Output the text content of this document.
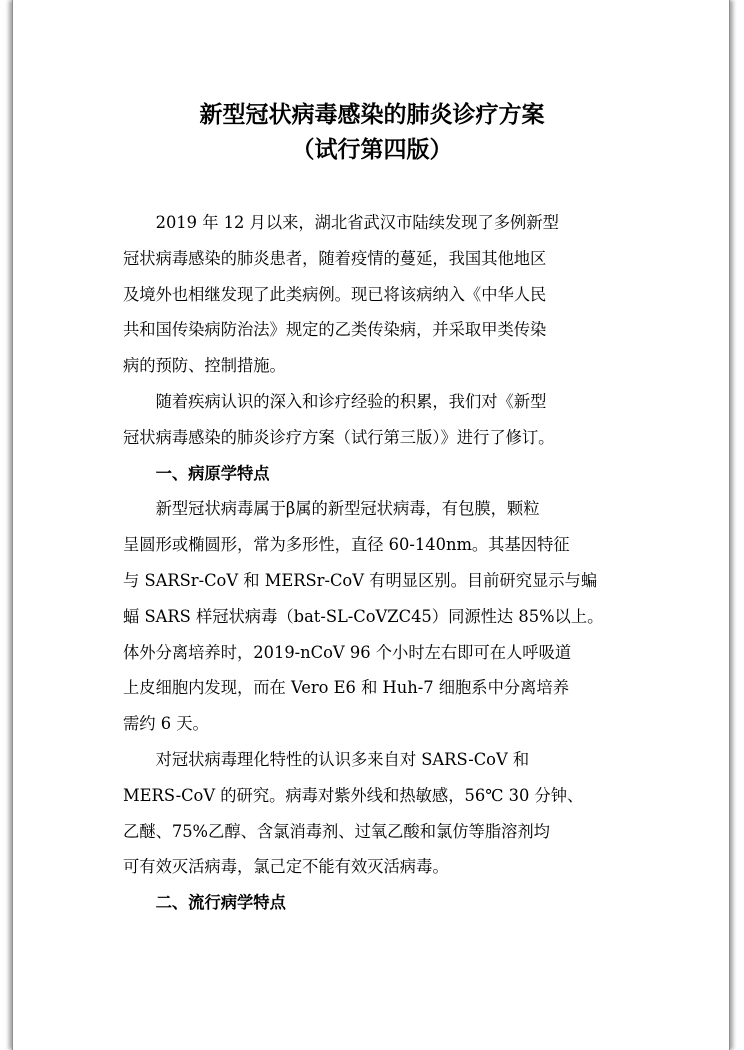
新型冠状病毒感染的肺炎诊疗方案
（试行第四版）

2019 年 12 月以来，湖北省武汉市陆续发现了多例新型
冠状病毒感染的肺炎患者，随着疫情的蔓延，我国其他地区
及境外也相继发现了此类病例。现已将该病纳入《中华人民
共和国传染病防治法》规定的乙类传染病，并采取甲类传染
病的预防、控制措施。

随着疾病认识的深入和诊疗经验的积累，我们对《新型
冠状病毒感染的肺炎诊疗方案（试行第三版）》进行了修订。

一、病原学特点

新型冠状病毒属于β属的新型冠状病毒，有包膜，颗粒
呈圆形或椭圆形，常为多形性，直径 60-140nm。其基因特征
与 SARSr-CoV 和 MERSr-CoV 有明显区别。目前研究显示与蝙
蝠 SARS 样冠状病毒（bat-SL-CoVZC45）同源性达 85%以上。
体外分离培养时，2019-nCoV 96 个小时左右即可在人呼吸道
上皮细胞内发现，而在 Vero E6 和 Huh-7 细胞系中分离培养
需约 6 天。

对冠状病毒理化特性的认识多来自对 SARS-CoV 和
MERS-CoV 的研究。病毒对紫外线和热敏感，56℃ 30 分钟、
乙醚、75%乙醇、含氯消毒剂、过氧乙酸和氯仿等脂溶剂均
可有效灭活病毒，氯己定不能有效灭活病毒。

二、流行病学特点
